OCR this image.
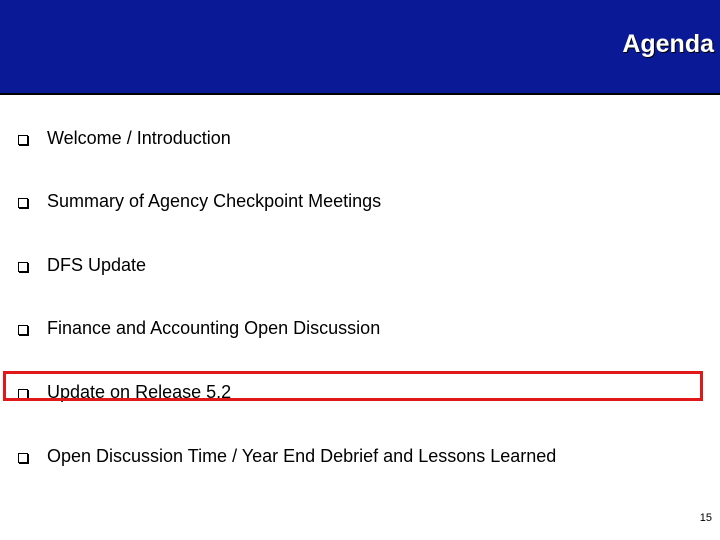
Agenda
Welcome / Introduction
Summary of Agency Checkpoint Meetings
DFS Update
Finance and Accounting Open Discussion
Update on Release 5.2
Open Discussion Time / Year End Debrief and Lessons Learned
15
